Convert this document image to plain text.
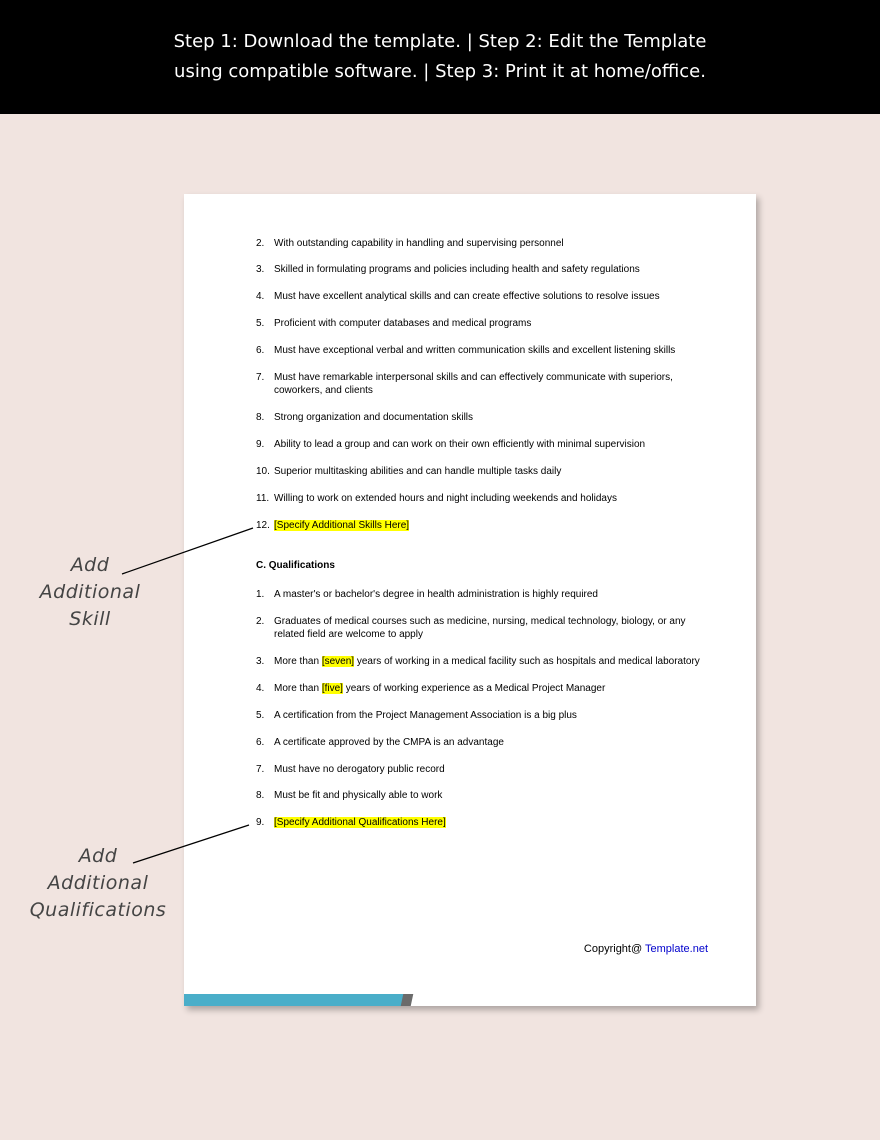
Step 1: Download the template. | Step 2: Edit the Template
using compatible software. | Step 3: Print it at home/office.
2. With outstanding capability in handling and supervising personnel
3. Skilled in formulating programs and policies including health and safety regulations
4. Must have excellent analytical skills and can create effective solutions to resolve issues
5. Proficient with computer databases and medical programs
6. Must have exceptional verbal and written communication skills and excellent listening skills
7. Must have remarkable interpersonal skills and can effectively communicate with superiors, coworkers, and clients
8. Strong organization and documentation skills
9. Ability to lead a group and can work on their own efficiently with minimal supervision
10. Superior multitasking abilities and can handle multiple tasks daily
11. Willing to work on extended hours and night including weekends and holidays
12. [Specify Additional Skills Here]
C. Qualifications
1. A master's or bachelor's degree in health administration is highly required
2. Graduates of medical courses such as medicine, nursing, medical technology, biology, or any related field are welcome to apply
3. More than [seven] years of working in a medical facility such as hospitals and medical laboratory
4. More than [five] years of working experience as a Medical Project Manager
5. A certification from the Project Management Association is a big plus
6. A certificate approved by the CMPA is an advantage
7. Must have no derogatory public record
8. Must be fit and physically able to work
9. [Specify Additional Qualifications Here]
Copyright@ Template.net
Add
Additional
Skill
Add
Additional
Qualifications
